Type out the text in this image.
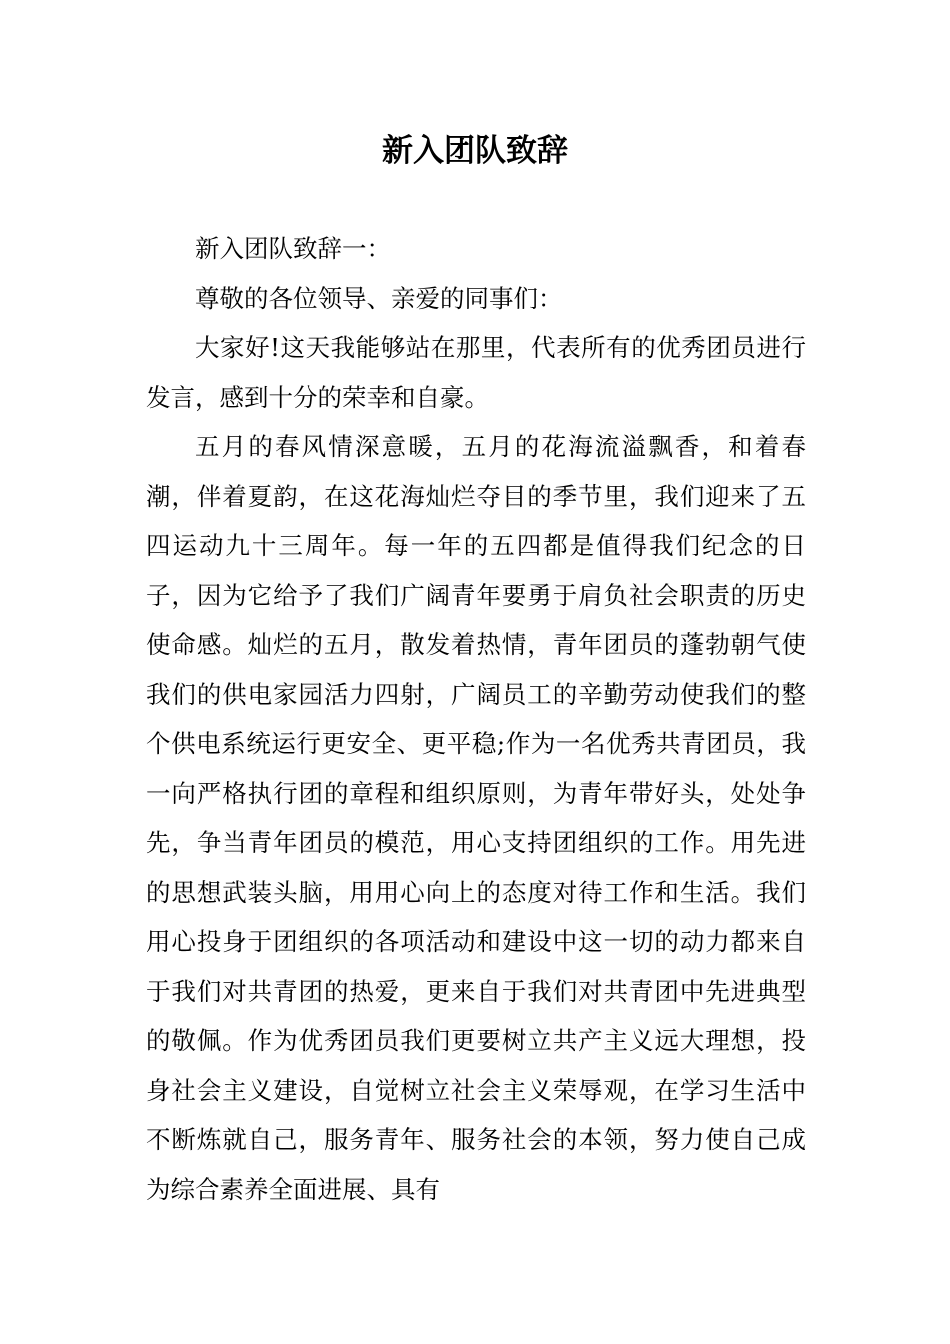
新入团队致辞

新入团队致辞一：

尊敬的各位领导、亲爱的同事们：

大家好!这天我能够站在那里，代表所有的优秀团员进行发言，感到十分的荣幸和自豪。

五月的春风情深意暖，五月的花海流溢飘香，和着春潮，伴着夏韵，在这花海灿烂夺目的季节里，我们迎来了五四运动九十三周年。每一年的五四都是值得我们纪念的日子，因为它给予了我们广阔青年要勇于肩负社会职责的历史使命感。灿烂的五月，散发着热情，青年团员的蓬勃朝气使我们的供电家园活力四射，广阔员工的辛勤劳动使我们的整个供电系统运行更安全、更平稳;作为一名优秀共青团员，我一向严格执行团的章程和组织原则，为青年带好头，处处争先，争当青年团员的模范，用心支持团组织的工作。用先进的思想武装头脑，用用心向上的态度对待工作和生活。我们用心投身于团组织的各项活动和建设中这一切的动力都来自于我们对共青团的热爱，更来自于我们对共青团中先进典型的敬佩。作为优秀团员我们更要树立共产主义远大理想，投身社会主义建设，自觉树立社会主义荣辱观，在学习生活中不断炼就自己，服务青年、服务社会的本领，努力使自己成为综合素养全面进展、具有
